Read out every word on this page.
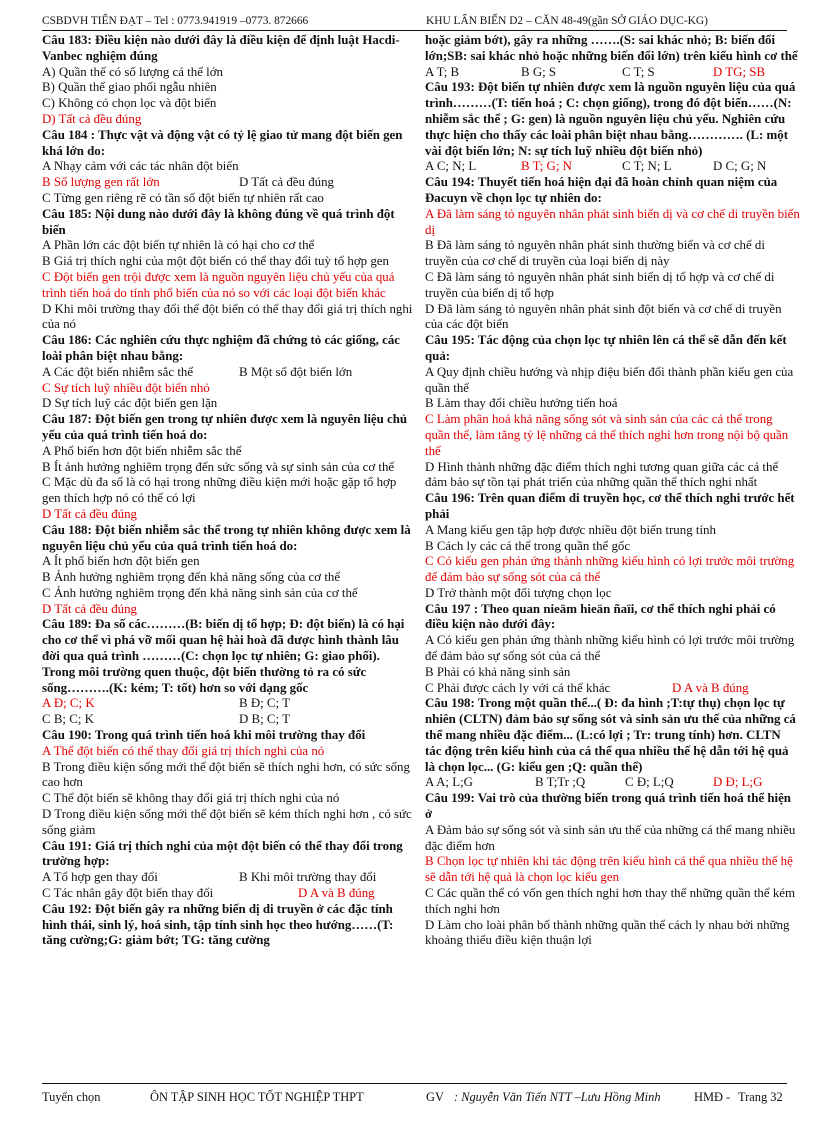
CSBDVH TIẾN ĐẠT – Tel : 0773.941919 –0773. 872666	KHU LẤN BIỂN D2 – CĂN 48-49(gần SỞ GIÁO DỤC-KG)

Câu 183: Điều kiện nào dưới đây là điều kiện để định luật Hacdi-Vanbec nghiệm đúng

A) Quần thể có số lượng cá thể lớn

B) Quần thể giao phối ngẫu nhiên

C) Không có chọn lọc và đột biến

D) Tất cả đều đúng

Câu 184 : Thực vật và động vật có tỷ lệ giao tử mang đột biến gen khá lớn do:

A Nhạy cảm với các tác nhân đột biến

B Số lượng gen rất lớn	D Tất cả đều đúng

C Từng gen riêng rẽ có tần số đột biến tự nhiên rất cao

Câu 185: Nội dung nào dưới đây là không đúng về quá trình đột biến

A Phần lớn các đột biến tự nhiên là có hại cho cơ thể

B Giá trị thích nghi của một đột biến có thể thay đổi tuỳ tổ hợp gen

C Đột biến gen trội được xem là nguồn nguyên liệu chủ yếu của quá trình tiến hoá do tính phổ biến của nó so với các loại đột biến khác

D Khi môi trường thay đổi thể đột biến có thể thay đổi giá trị thích nghi của nó

Câu 186: Các nghiên cứu thực nghiệm đã chứng tỏ các giống, các loài phân biệt nhau bằng:

A Các đột biến nhiễm sắc thể	B Một số đột biến lớn

C Sự tích luỹ nhiều đột biến nhỏ

D Sự tích luỹ các đột biến gen lặn

Câu 187: Đột biến gen trong tự nhiên được xem là nguyên liệu chủ yếu của quá trình tiến hoá do:

A Phổ biến hơn đột biến nhiễm sắc thể

B Ít ảnh hưởng nghiêm trọng đến sức sống và sự sinh sản của cơ thể

C Mặc dù đa số là có hại trong những điều kiện mới hoặc gặp tổ hợp gen thích hợp nó có thể có lợi

D Tất cả đều đúng

Câu 188: Đột biến nhiễm sắc thể trong tự nhiên không được xem là nguyên liệu chủ yếu của quá trình tiến hoá do:

A Ít phổ biến hơn đột biến gen

B Ảnh hưởng nghiêm trọng đến khả năng sống của cơ thể

C Ảnh hưởng nghiêm trọng đến khả năng sinh sản của cơ thể

D Tất cả đều đúng

Câu 189: Đa số các………(B: biến dị tổ hợp; Đ: đột biến) là có hại cho cơ thể vì phá vỡ mối quan hệ hài hoà đã được hình thành lâu đời qua quá trình ………(C: chọn lọc tự nhiên; G: giao phối). Trong môi trường quen thuộc, đột biến thường tỏ ra có sức sống……….(K: kém; T: tốt) hơn so với dạng gốc

A Đ; C; K	B Đ; C; T
C B; C; K	D B; C; T

Câu 190: Trong quá trình tiến hoá khi môi trường thay đổi

A Thể đột biến có thể thay đổi giá trị thích nghi của nó

B Trong điều kiện sống mới thể đột biến sẽ thích nghi hơn, có sức sống cao hơn

C Thể đột biến sẽ không thay đổi giá trị thích nghi của nó

D Trong điều kiện sống mới thể đột biến sẽ kém thích nghi hơn , có sức sống giảm

Câu 191: Giá trị thích nghi của một đột biến có thể thay đổi trong trường hợp:

A Tổ hợp gen thay đổi	B Khi môi trường thay đổi
C Tác nhân gây đột biến thay đổi	D A và B đúng

Câu 192: Đột biến gây ra những biến dị di truyền ở các đặc tính hình thái, sinh lý, hoá sinh, tập tính sinh học theo hướng……(T: tăng cường;G: giảm bớt; TG: tăng cường

hoặc giảm bớt), gây ra những …….(S: sai khác nhỏ; B: biến đổi lớn;SB: sai khác nhỏ hoặc những biến đổi lớn) trên kiểu hình cơ thể

A T; B	B G; S	C T; S	D TG; SB

Câu 193: Đột biến tự nhiên được xem là nguồn nguyên liệu của quá trình………(T: tiến hoá ; C: chọn giống), trong đó đột biến……(N: nhiễm sắc thể ; G: gen) là nguồn nguyên liệu chủ yếu. Nghiên cứu thực hiện cho thấy các loài phân biệt nhau bằng…………. (L: một vài đột biến lớn; N: sự tích luỹ nhiều đột biến nhỏ)

A C; N; L	B T; G; N	C T; N; L	D C; G; N

Câu 194: Thuyết tiến hoá hiện đại đã hoàn chỉnh quan niệm của Đacuyn về chọn lọc tự nhiên do:

A Đã làm sáng tỏ nguyên nhân phát sinh biến dị và cơ chế di truyền biến dị

B Đã làm sáng tỏ nguyên nhân phát sinh thường biến và cơ chế di truyền của cơ chế di truyền của loại biến dị này

C Đã làm sáng tỏ nguyên nhân phát sinh biến dị tổ hợp và cơ chế di truyền của biến dị tổ hợp

D Đã làm sáng tỏ nguyên nhân phát sinh đột biến và cơ chế di truyền của các đột biến

Câu 195: Tác động của chọn lọc tự nhiên lên cá thể sẽ dẫn đến kết quả:

A Quy định chiều hướng và nhịp điệu biến đổi thành phần kiểu gen của quần thể

B Làm thay đổi chiều hướng tiến hoá

C Làm phân hoá khả năng sống sót và sinh sản của các cá thể trong quần thể, làm tăng tỷ lệ những cá thể thích nghi hơn trong nội bộ quần thể

D Hình thành những đặc điểm thích nghi tương quan giữa các cá thể đảm bảo sự tồn tại phát triển của những quần thể thích nghi nhất

Câu 196: Trên quan điểm di truyền học, cơ thể thích nghi trước hết phải

A Mang kiểu gen tập hợp được nhiều đột biến trung tính

B Cách ly các cá thể trong quần thể gốc

C Có kiểu gen phản ứng thành những kiểu hình có lợi trước môi trường để đảm bảo sự sống sót của cá thể

D Trở thành một đối tượng chọn lọc

Câu 197 : Theo quan nieäm hieän ñaïi, cơ thể thích nghi phải có điều kiện nào dưới đây:

A Có kiểu gen phản ứng thành những kiểu hình có lợi trước môi trường để đảm bảo sự sống sót của cá thể

B Phải có khả năng sinh sản

C Phải được cách ly với cá thể khác	D A và B đúng

Câu 198: Trong một quần thể...( Đ: đa hình ;T:tự thụ) chọn lọc tự nhiên (CLTN) đảm bảo sự sống sót và sinh sản ưu thế của những cá thể mang nhiều đặc điểm... (L:có lợi ; Tr: trung tính) hơn. CLTN tác động trên kiểu hình của cá thể qua nhiều thế hệ dẫn tới hệ quả là chọn lọc... (G: kiểu gen ;Q: quần thể)

A A; L;G	B T;Tr ;Q	C Đ; L;Q	D Đ; L;G

Câu 199: Vai trò của thường biến trong quá trình tiến hoá thể hiện ở

A Đảm bảo sự sống sót và sinh sản ưu thế của những cá thể mang nhiều đặc điểm hơn

B Chọn lọc tự nhiên khi tác động trên kiểu hình cá thể qua nhiều thế hệ sẽ dẫn tới hệ quả là chọn lọc kiểu gen

C Các quần thể có vốn gen thích nghi hơn thay thế những quần thể kém thích nghi hơn

D Làm cho loài phân bố thành những quần thể cách ly nhau bởi những khoảng thiếu điều kiện thuận lợi

Tuyển chọn	ÔN TẬP SINH HỌC TỐT NGHIỆP THPT	GV : Nguyễn Văn Tiến NTT –Lưu Hồng Minh	HMĐ - Trang 32
